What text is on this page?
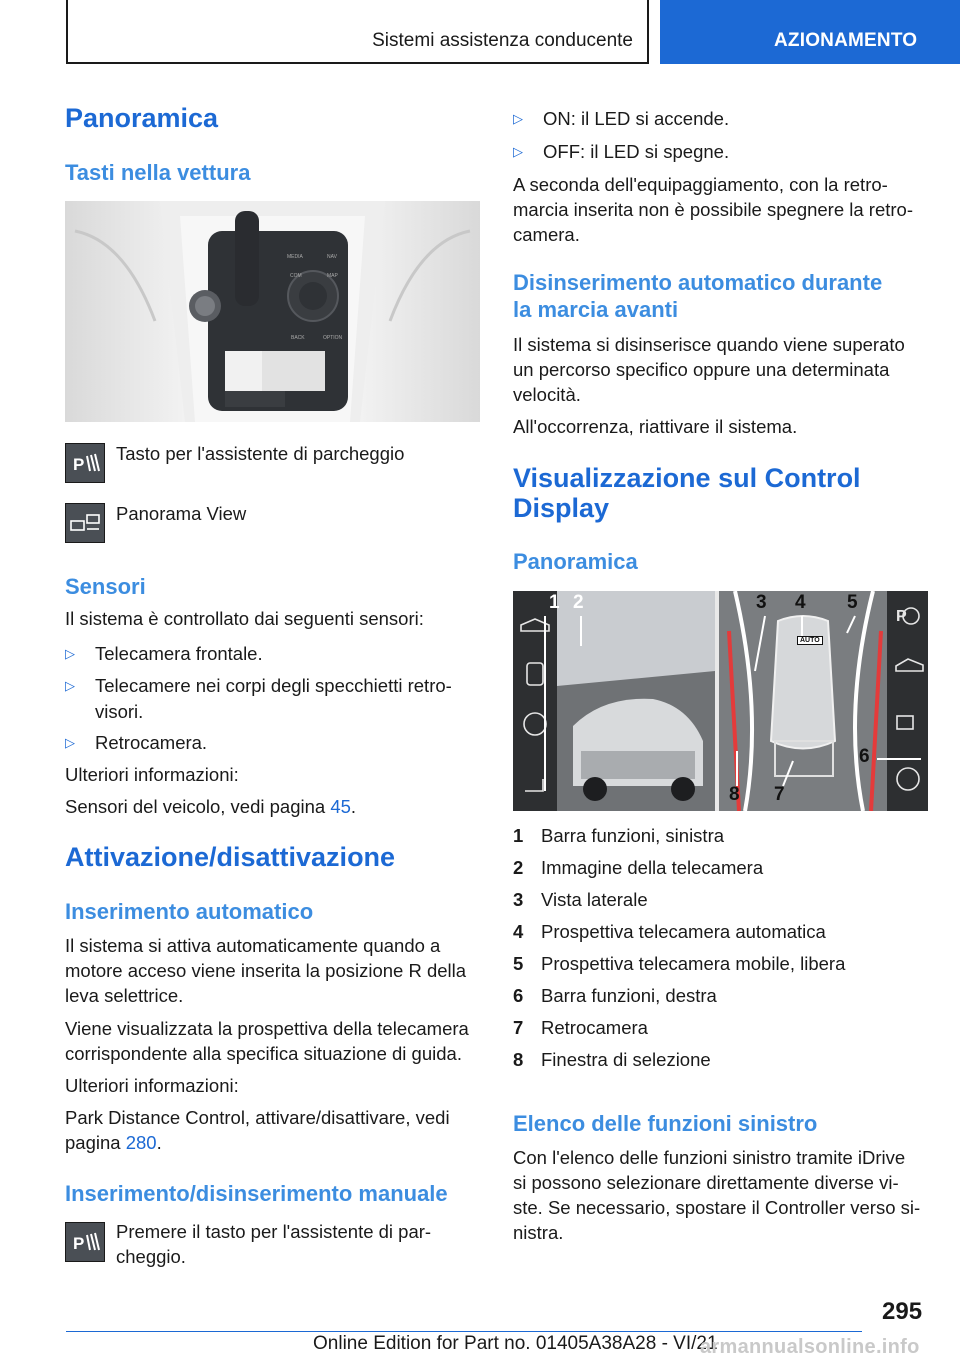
Sistemi assistenza conducente	AZIONAMENTO
Panoramica
Tasti nella vettura
MEDIA
COM
NAV
MAP
BACK	OPTION
P
Tasto per l'assistente di parcheggio
Panorama View
Sensori
Il sistema è controllato dai seguenti sensori:
▷ Telecamera frontale.
▷ Telecamere nei corpi degli specchietti retro-
visori.
▷ Retrocamera.
Ulteriori informazioni:
Sensori del veicolo, vedi pagina 45.
Attivazione/disattivazione
Inserimento automatico
Il sistema si attiva automaticamente quando a
motore acceso viene inserita la posizione R della
leva selettrice.
Viene visualizzata la prospettiva della telecamera
corrispondente alla specifica situazione di guida.
Ulteriori informazioni:
Park Distance Control, attivare/disattivare, vedi
pagina 280.
Inserimento/disinserimento manuale
P
Premere il tasto per l'assistente di par-
cheggio.
▷ ON: il LED si accende.
▷ OFF: il LED si spegne.
A seconda dell'equipaggiamento, con la retro-
marcia inserita non è possibile spegnere la retro-
camera.
Disinserimento automatico durante
la marcia avanti
Il sistema si disinserisce quando viene superato
un percorso specifico oppure una determinata
velocità.
All'occorrenza, riattivare il sistema.
Visualizzazione sul Control
Display
Panoramica
P
1 2	3 4 5
6
7
8
AUTO
1 Barra funzioni, sinistra
2 Immagine della telecamera
3 Vista laterale
4 Prospettiva telecamera automatica
5 Prospettiva telecamera mobile, libera
6 Barra funzioni, destra
7 Retrocamera
8 Finestra di selezione
Elenco delle funzioni sinistro
Con l'elenco delle funzioni sinistro tramite iDrive
si possono selezionare direttamente diverse vi-
ste. Se necessario, spostare il Controller verso si-
nistra.
295
Online Edition for Part no. 01405A38A28 - VI/21
armannualsonline.info
